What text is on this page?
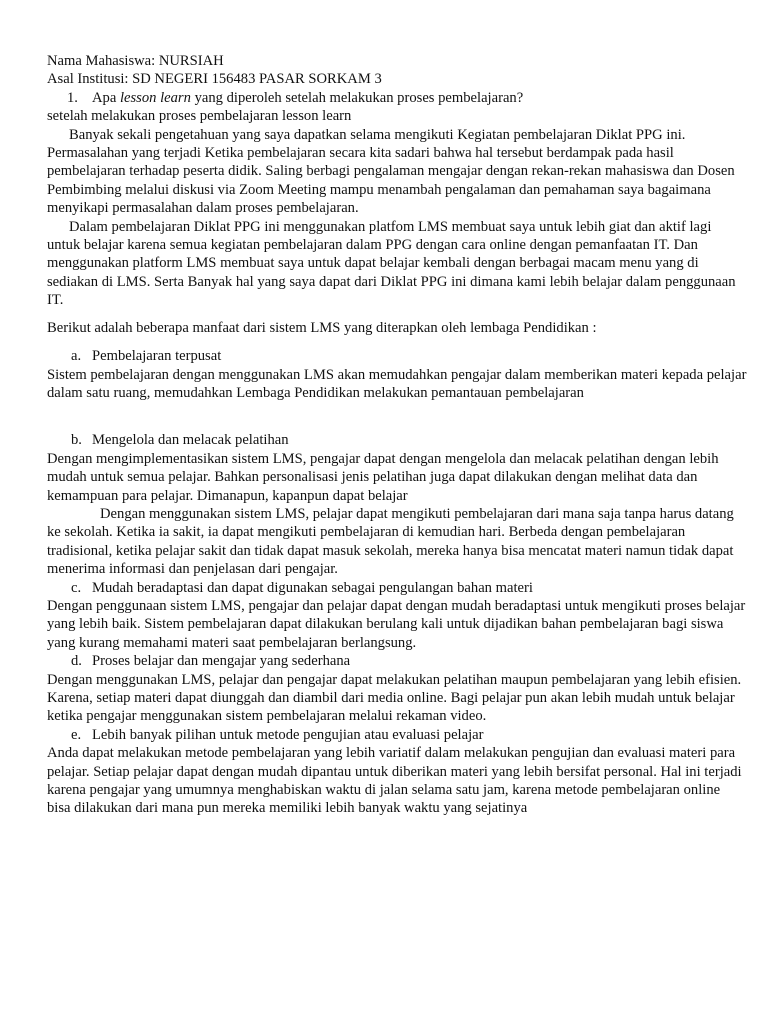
Nama Mahasiswa: NURSIAH

Asal Institusi: SD NEGERI 156483 PASAR SORKAM 3

1. Apa lesson learn yang diperoleh setelah melakukan proses pembelajaran?

setelah melakukan proses pembelajaran lesson learn

Banyak sekali pengetahuan yang saya dapatkan selama mengikuti Kegiatan pembelajaran Diklat PPG ini. Permasalahan yang terjadi Ketika pembelajaran secara kita sadari bahwa hal tersebut berdampak pada hasil pembelajaran terhadap peserta didik. Saling berbagi pengalaman mengajar dengan rekan-rekan mahasiswa dan Dosen Pembimbing melalui diskusi via Zoom Meeting mampu menambah pengalaman dan pemahaman saya bagaimana menyikapi permasalahan dalam proses pembelajaran.

Dalam pembelajaran Diklat PPG ini menggunakan platfom LMS membuat saya untuk lebih giat dan aktif lagi untuk belajar karena semua kegiatan pembelajaran dalam PPG dengan cara online dengan pemanfaatan IT. Dan menggunakan platform LMS membuat saya untuk dapat belajar kembali dengan berbagai macam menu yang di sediakan di LMS. Serta Banyak hal yang saya dapat dari Diklat PPG ini dimana kami lebih belajar dalam penggunaan IT.

Berikut adalah beberapa manfaat dari sistem LMS yang diterapkan oleh lembaga Pendidikan :

a. Pembelajaran terpusat

Sistem pembelajaran dengan menggunakan LMS akan memudahkan pengajar dalam memberikan materi kepada pelajar dalam satu ruang, memudahkan Lembaga Pendidikan melakukan pemantauan pembelajaran

b. Mengelola dan melacak pelatihan

Dengan mengimplementasikan sistem LMS, pengajar dapat dengan mengelola dan melacak pelatihan dengan lebih mudah untuk semua pelajar. Bahkan personalisasi jenis pelatihan juga dapat dilakukan dengan melihat data dan kemampuan para pelajar. Dimanapun, kapanpun dapat belajar

Dengan menggunakan sistem LMS, pelajar dapat mengikuti pembelajaran dari mana saja tanpa harus datang ke sekolah. Ketika ia sakit, ia dapat mengikuti pembelajaran di kemudian hari. Berbeda dengan pembelajaran tradisional, ketika pelajar sakit dan tidak dapat masuk sekolah, mereka hanya bisa mencatat materi namun tidak dapat menerima informasi dan penjelasan dari pengajar.

c. Mudah beradaptasi dan dapat digunakan sebagai pengulangan bahan materi

Dengan penggunaan sistem LMS, pengajar dan pelajar dapat dengan mudah beradaptasi untuk mengikuti proses belajar yang lebih baik. Sistem pembelajaran dapat dilakukan berulang kali untuk dijadikan bahan pembelajaran bagi siswa yang kurang memahami materi saat pembelajaran berlangsung.

d. Proses belajar dan mengajar yang sederhana

Dengan menggunakan LMS, pelajar dan pengajar dapat melakukan pelatihan maupun pembelajaran yang lebih efisien. Karena, setiap materi dapat diunggah dan diambil dari media online. Bagi pelajar pun akan lebih mudah untuk belajar ketika pengajar menggunakan sistem pembelajaran melalui rekaman video.

e. Lebih banyak pilihan untuk metode pengujian atau evaluasi pelajar

Anda dapat melakukan metode pembelajaran yang lebih variatif dalam melakukan pengujian dan evaluasi materi para pelajar. Setiap pelajar dapat dengan mudah dipantau untuk diberikan materi yang lebih bersifat personal. Hal ini terjadi karena pengajar yang umumnya menghabiskan waktu di jalan selama satu jam, karena metode pembelajaran online bisa dilakukan dari mana pun mereka memiliki lebih banyak waktu yang sejatinya
